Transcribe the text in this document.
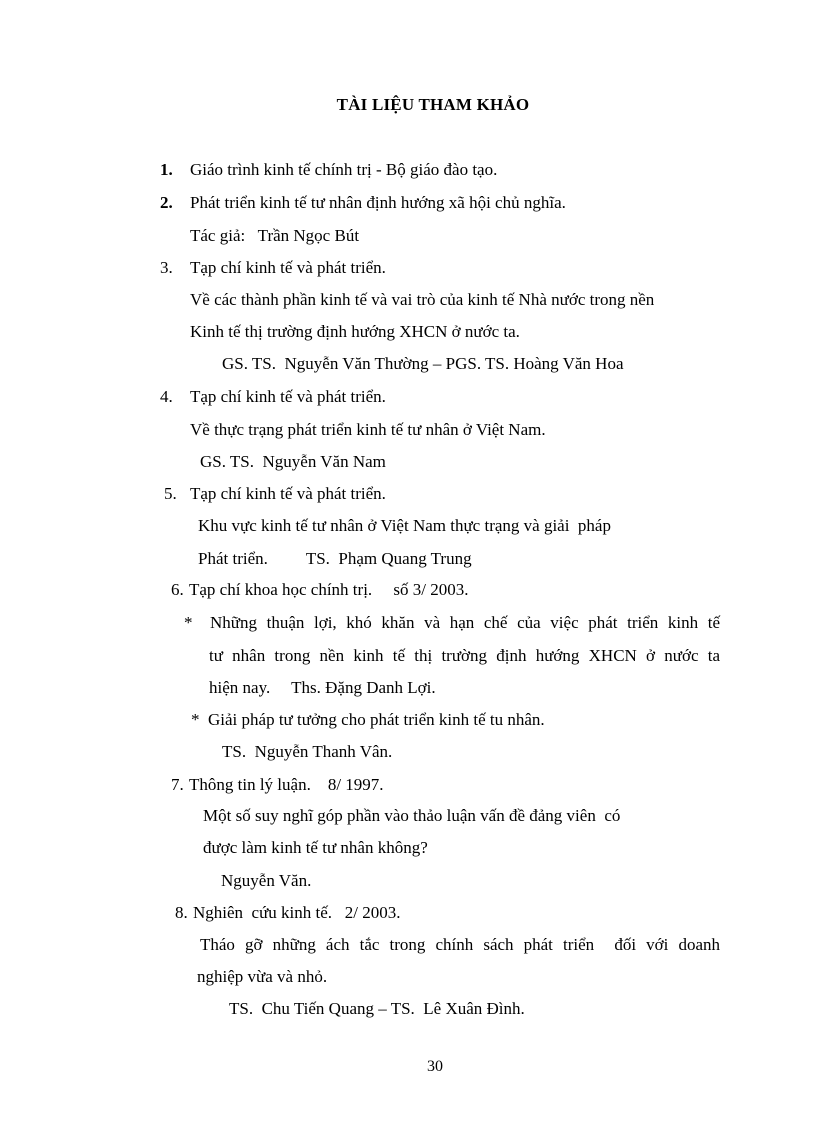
TÀI LIỆU THAM KHẢO
1. Giáo trình kinh tế chính trị - Bộ giáo đào tạo.
2. Phát triển kinh tế tư nhân định hướng xã hội chủ nghĩa.
Tác giả:   Trần Ngọc Bút
3. Tạp chí kinh tế và phát triển.
Về các thành phần kinh tế và vai trò của kinh tế Nhà nước trong nền
Kinh tế thị trường định hướng XHCN ở nước ta.
GS. TS.  Nguyễn Văn Thường – PGS. TS. Hoàng Văn Hoa
4. Tạp chí kinh tế và phát triển.
Về thực trạng phát triển kinh tế tư nhân ở Việt Nam.
GS. TS.  Nguyễn Văn Nam
5. Tạp chí kinh tế và phát triển.
Khu vực kinh tế tư nhân ở Việt Nam thực trạng và giải  pháp
Phát triển.         TS.  Phạm Quang Trung
6. Tạp chí khoa học chính trị.     số 3/ 2003.
* Những thuận lợi, khó khăn và hạn chế của việc phát triển kinh tế
tư nhân trong nền kinh tế thị trường định hướng XHCN ở nước ta
hiện nay.     Ths. Đặng Danh Lợi.
* Giải pháp tư tưởng cho phát triển kinh tế tu nhân.
TS.  Nguyễn Thanh Vân.
7. Thông tin lý luận.    8/ 1997.
Một số suy nghĩ góp phần vào thảo luận vấn đề đảng viên  có
được làm kinh tế tư nhân không?
Nguyễn Văn.
8. Nghiên  cứu kinh tế.   2/ 2003.
Tháo gỡ những ách tắc trong chính sách phát triển  đối với doanh
nghiệp vừa và nhỏ.
TS.  Chu Tiến Quang – TS.  Lê Xuân Đình.
30
